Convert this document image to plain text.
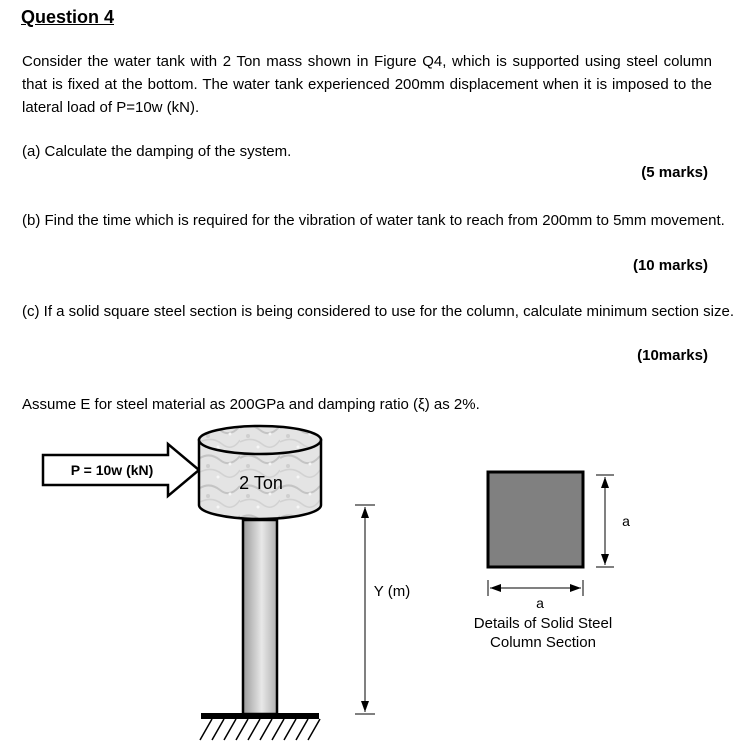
Question 4
Consider the water tank with 2 Ton mass shown in Figure Q4, which is supported using steel column that is fixed at the bottom. The water tank experienced 200mm displacement when it is imposed to the lateral load of P=10w (kN).
(a) Calculate the damping of the system.
(5 marks)
(b) Find the time which is required for the vibration of water tank to reach from 200mm to 5mm movement.
(10 marks)
(c) If a solid square steel section is being considered to use for the column, calculate minimum section size.
(10marks)
Assume E for steel material as 200GPa and damping ratio (ξ) as 2%.
P = 10w (kN)
2 Ton
Y (m)
a
a
Details of Solid Steel
Column Section
